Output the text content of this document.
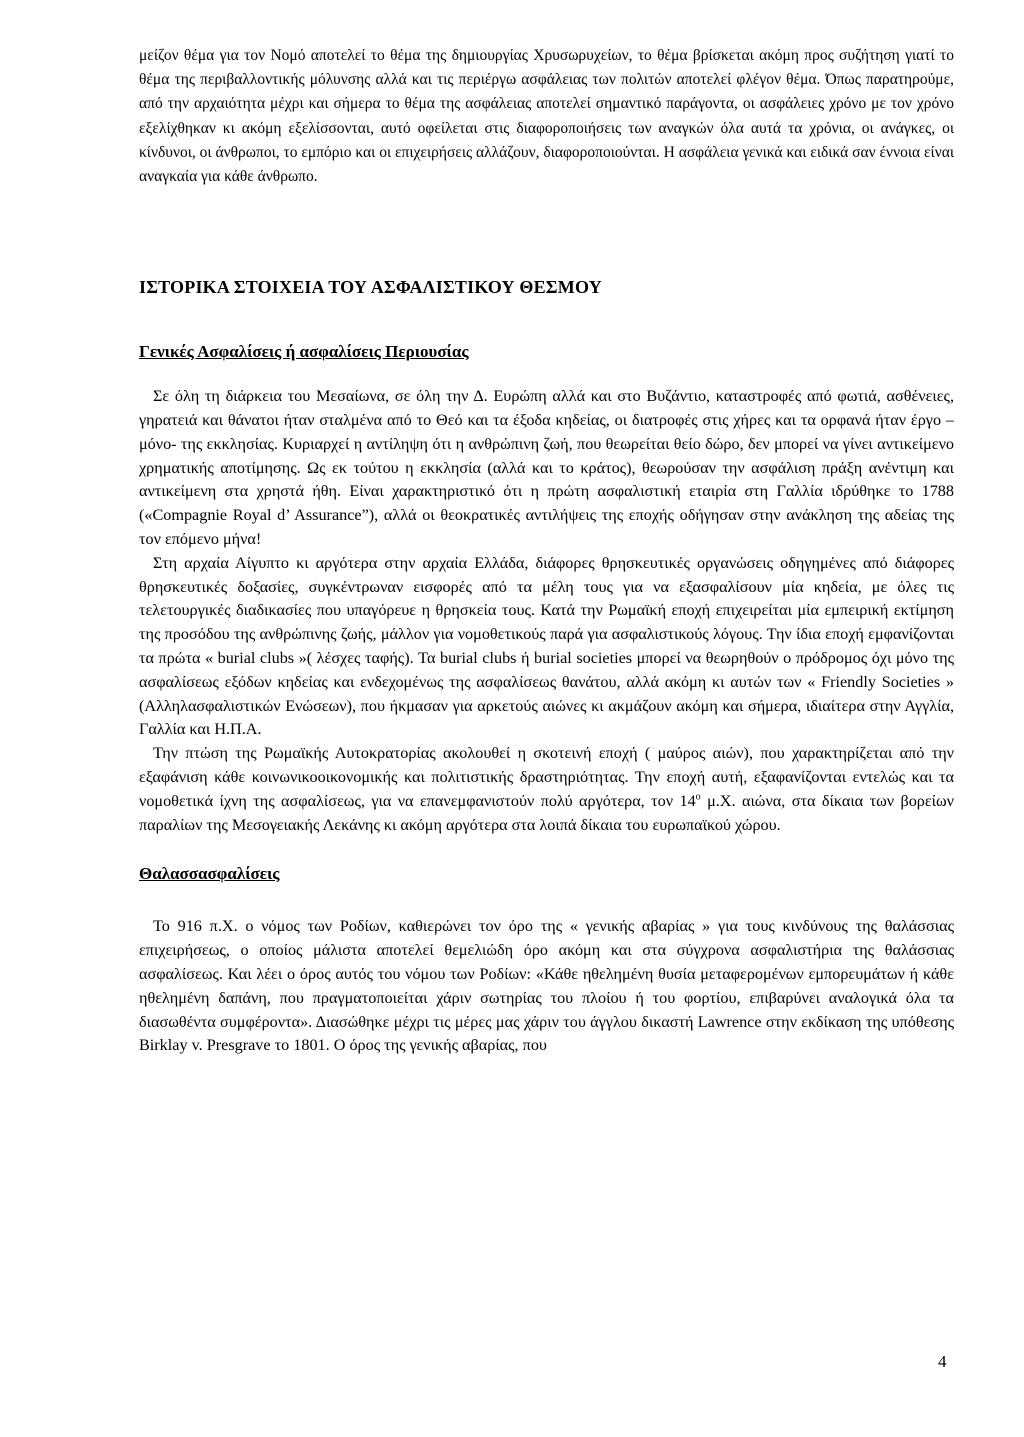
μείζον θέμα για τον Νομό αποτελεί το θέμα της δημιουργίας Χρυσωρυχείων, το θέμα βρίσκεται ακόμη προς συζήτηση γιατί το θέμα της περιβαλλοντικής μόλυνσης αλλά και τις περιέργω ασφάλειας των πολιτών αποτελεί φλέγον θέμα. Όπως παρατηρούμε, από την αρχαιότητα μέχρι και σήμερα το θέμα της ασφάλειας αποτελεί σημαντικό παράγοντα, οι ασφάλειες χρόνο με τον χρόνο εξελίχθηκαν κι ακόμη εξελίσσονται, αυτό οφείλεται στις διαφοροποιήσεις των αναγκών όλα αυτά τα χρόνια, οι ανάγκες, οι κίνδυνοι, οι άνθρωποι, το εμπόριο και οι επιχειρήσεις αλλάζουν, διαφοροποιούνται. Η ασφάλεια γενικά και ειδικά σαν έννοια είναι αναγκαία για κάθε άνθρωπο.

ΙΣΤΟΡΙΚΑ ΣΤΟΙΧΕΙΑ ΤΟΥ ΑΣΦΑΛΙΣΤΙΚΟΥ ΘΕΣΜΟΥ

Γενικές Ασφαλίσεις ή ασφαλίσεις Περιουσίας

Σε όλη τη διάρκεια του Μεσαίωνα, σε όλη την Δ. Ευρώπη αλλά και στο Βυζάντιο, καταστροφές από φωτιά, ασθένειες, γηρατειά και θάνατοι ήταν σταλμένα από το Θεό και τα έξοδα κηδείας, οι διατροφές στις χήρες και τα ορφανά ήταν έργο –μόνο- της εκκλησίας. Κυριαρχεί η αντίληψη ότι η ανθρώπινη ζωή, που θεωρείται θείο δώρο, δεν μπορεί να γίνει αντικείμενο χρηματικής αποτίμησης. Ως εκ τούτου η εκκλησία (αλλά και το κράτος), θεωρούσαν την ασφάλιση πράξη ανέντιμη και αντικείμενη στα χρηστά ήθη. Είναι χαρακτηριστικό ότι η πρώτη ασφαλιστική εταιρία στη Γαλλία ιδρύθηκε το 1788 («Compagnie Royal d’ Assurance”), αλλά οι θεοκρατικές αντιλήψεις της εποχής οδήγησαν στην ανάκληση της αδείας της τον επόμενο μήνα!

Στη αρχαία Αίγυπτο κι αργότερα στην αρχαία Ελλάδα, διάφορες θρησκευτικές οργανώσεις οδηγημένες από διάφορες θρησκευτικές δοξασίες, συγκέντρωναν εισφορές από τα μέλη τους για να εξασφαλίσουν μία κηδεία, με όλες τις τελετουργικές διαδικασίες που υπαγόρευε η θρησκεία τους. Κατά την Ρωμαϊκή εποχή επιχειρείται μία εμπειρική εκτίμηση της προσόδου της ανθρώπινης ζωής, μάλλον για νομοθετικούς παρά για ασφαλιστικούς λόγους. Την ίδια εποχή εμφανίζονται τα πρώτα « burial clubs »( λέσχες ταφής). Τα burial clubs ή burial societies μπορεί να θεωρηθούν ο πρόδρομος όχι μόνο της ασφαλίσεως εξόδων κηδείας και ενδεχομένως της ασφαλίσεως θανάτου, αλλά ακόμη κι αυτών των « Friendly Societies » (Αλληλασφαλιστικών Ενώσεων), που ήκμασαν για αρκετούς αιώνες κι ακμάζουν ακόμη και σήμερα, ιδιαίτερα στην Αγγλία, Γαλλία και Η.Π.Α.

Την πτώση της Ρωμαϊκής Αυτοκρατορίας ακολουθεί η σκοτεινή εποχή ( μαύρος αιών), που χαρακτηρίζεται από την εξαφάνιση κάθε κοινωνικοοικονομικής και πολιτιστικής δραστηριότητας. Την εποχή αυτή, εξαφανίζονται εντελώς και τα νομοθετικά ίχνη της ασφαλίσεως, για να επανεμφανιστούν πολύ αργότερα, τον $14^o$ μ.Χ. αιώνα, στα δίκαια των βορείων παραλίων της Μεσογειακής Λεκάνης κι ακόμη αργότερα στα λοιπά δίκαια του ευρωπαϊκού χώρου.

Θαλασσασφαλίσεις

Το 916 π.Χ. ο νόμος των Ροδίων, καθιερώνει τον όρο της « γενικής αβαρίας » για τους κινδύνους της θαλάσσιας επιχειρήσεως, ο οποίος μάλιστα αποτελεί θεμελιώδη όρο ακόμη και στα σύγχρονα ασφαλιστήρια της θαλάσσιας ασφαλίσεως. Και λέει ο όρος αυτός του νόμου των Ροδίων: «Κάθε ηθελημένη θυσία μεταφερομένων εμπορευμάτων ή κάθε ηθελημένη δαπάνη, που πραγματοποιείται χάριν σωτηρίας του πλοίου ή του φορτίου, επιβαρύνει αναλογικά όλα τα διασωθέντα συμφέροντα». Διασώθηκε μέχρι τις μέρες μας χάριν του άγγλου δικαστή Lawrence στην εκδίκαση της υπόθεσης Birklay v. Presgrave το 1801. Ο όρος της γενικής αβαρίας, που

4
